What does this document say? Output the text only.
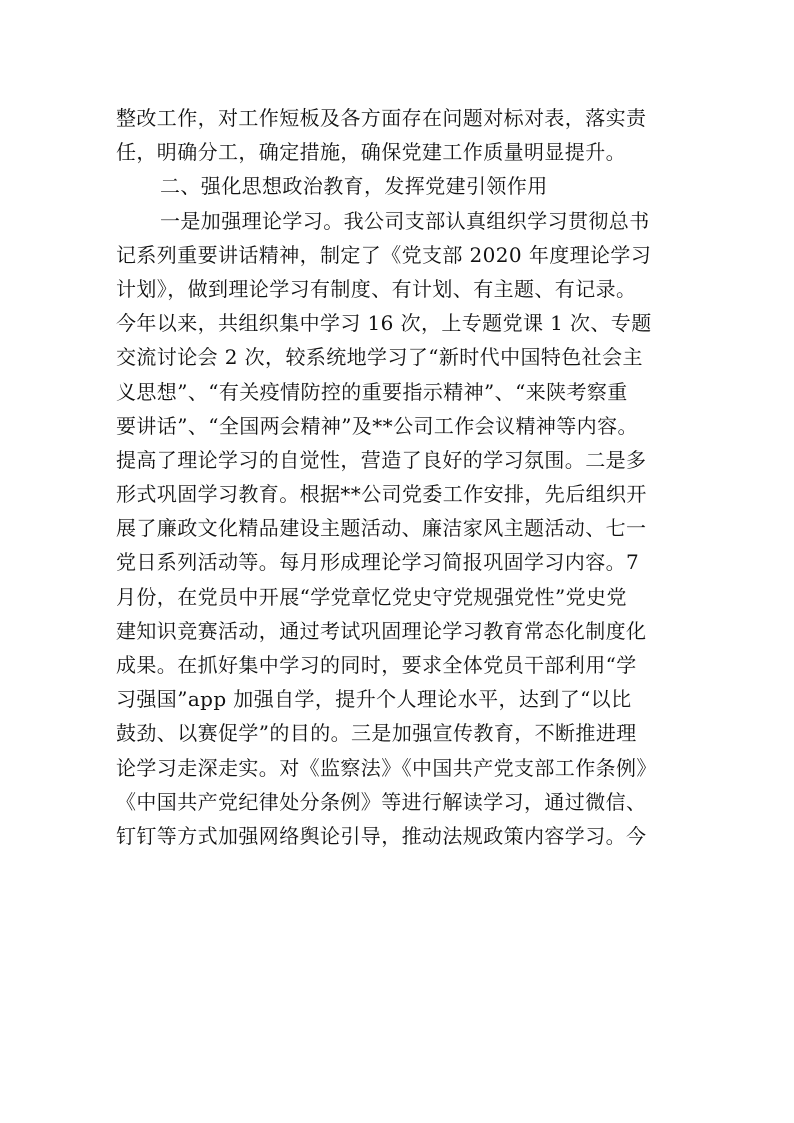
整改工作，对工作短板及各方面存在问题对标对表，落实责
任，明确分工，确定措施，确保党建工作质量明显提升。
二、强化思想政治教育，发挥党建引领作用
一是加强理论学习。我公司支部认真组织学习贯彻总书
记系列重要讲话精神，制定了《党支部 2020 年度理论学习
计划》，做到理论学习有制度、有计划、有主题、有记录。
今年以来，共组织集中学习 16 次，上专题党课 1 次、专题
交流讨论会 2 次，较系统地学习了“新时代中国特色社会主
义思想”、“有关疫情防控的重要指示精神”、“来陕考察重
要讲话”、“全国两会精神”及**公司工作会议精神等内容。
提高了理论学习的自觉性，营造了良好的学习氛围。二是多
形式巩固学习教育。根据**公司党委工作安排，先后组织开
展了廉政文化精品建设主题活动、廉洁家风主题活动、七一
党日系列活动等。每月形成理论学习简报巩固学习内容。7
月份，在党员中开展“学党章忆党史守党规强党性”党史党
建知识竞赛活动，通过考试巩固理论学习教育常态化制度化
成果。在抓好集中学习的同时，要求全体党员干部利用“学
习强国”app 加强自学，提升个人理论水平，达到了“以比
鼓劲、以赛促学”的目的。三是加强宣传教育，不断推进理
论学习走深走实。对《监察法》《中国共产党支部工作条例》
《中国共产党纪律处分条例》等进行解读学习，通过微信、
钉钉等方式加强网络舆论引导，推动法规政策内容学习。今
